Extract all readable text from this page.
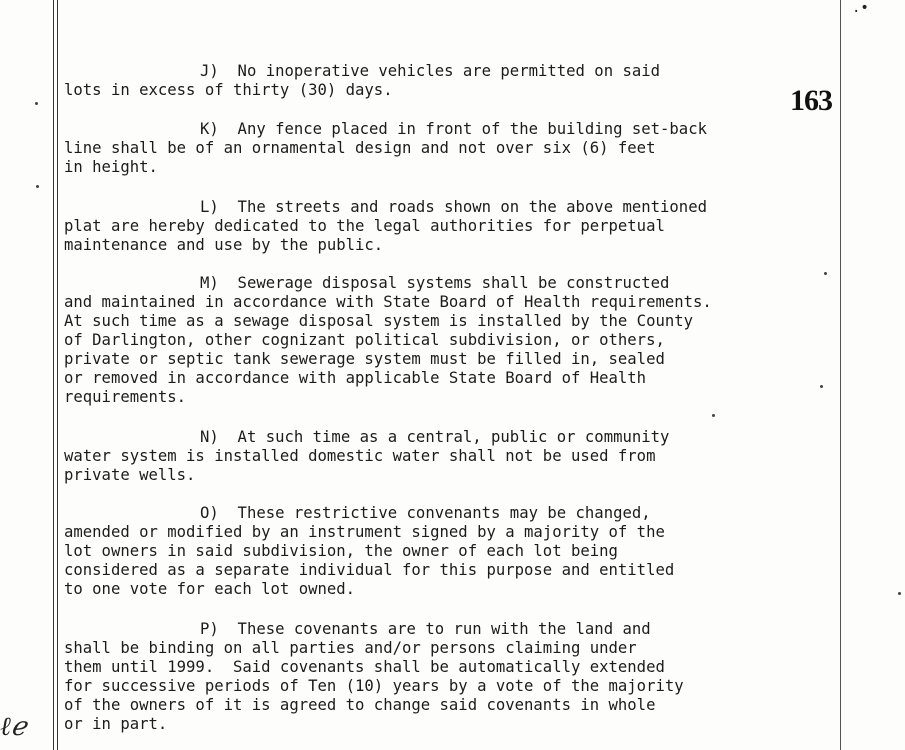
.•
163
J)  No inoperative vehicles are permitted on said
lots in excess of thirty (30) days.
K)  Any fence placed in front of the building set-back
line shall be of an ornamental design and not over six (6) feet
in height.
L)  The streets and roads shown on the above mentioned
plat are hereby dedicated to the legal authorities for perpetual
maintenance and use by the public.
M)  Sewerage disposal systems shall be constructed
and maintained in accordance with State Board of Health requirements.
At such time as a sewage disposal system is installed by the County
of Darlington, other cognizant political subdivision, or others,
private or septic tank sewerage system must be filled in, sealed
or removed in accordance with applicable State Board of Health
requirements.
N)  At such time as a central, public or community
water system is installed domestic water shall not be used from
private wells.
O)  These restrictive convenants may be changed,
amended or modified by an instrument signed by a majority of the
lot owners in said subdivision, the owner of each lot being
considered as a separate individual for this purpose and entitled
to one vote for each lot owned.
P)  These covenants are to run with the land and
shall be binding on all parties and/or persons claiming under
them until 1999.  Said covenants shall be automatically extended
for successive periods of Ten (10) years by a vote of the majority
of the owners of it is agreed to change said covenants in whole
or in part.
ℓℯ
